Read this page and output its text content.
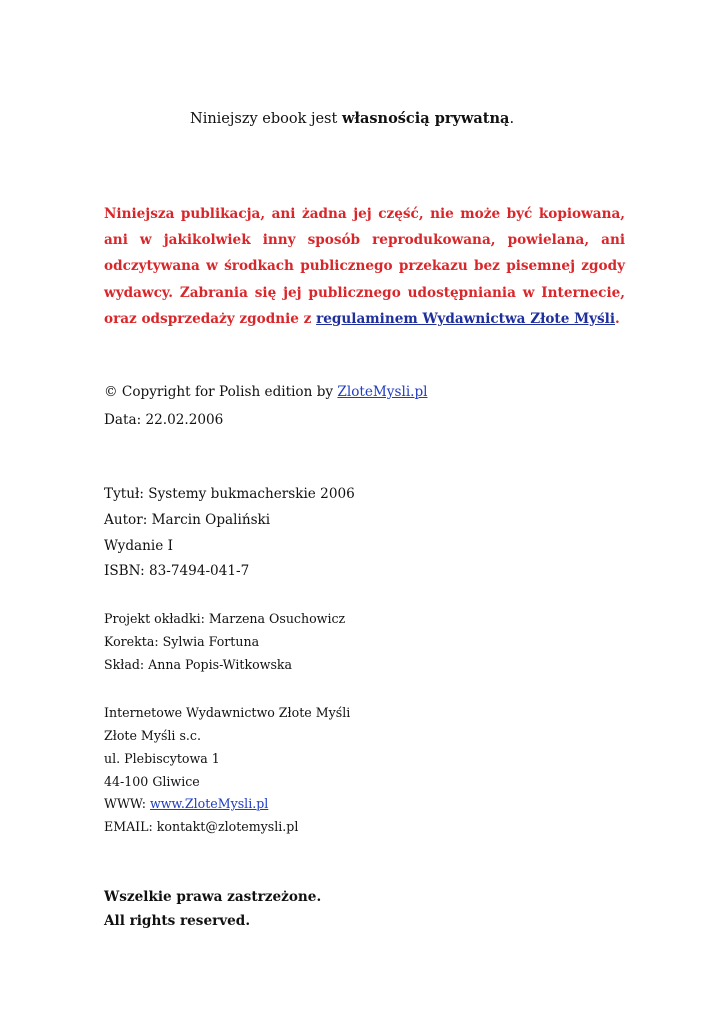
Niniejszy ebook jest własnością prywatną.
Niniejsza publikacja, ani żadna jej część, nie może być kopiowana, ani w jakikolwiek inny sposób reprodukowana, powielana, ani odczytywana w środkach publicznego przekazu bez pisemnej zgody wydawcy. Zabrania się jej publicznego udostępniania w Internecie, oraz odsprzedaży zgodnie z regulaminem Wydawnictwa Złote Myśli.
© Copyright for Polish edition by ZloteMysli.pl
Data: 22.02.2006
Tytuł: Systemy bukmacherskie 2006
Autor: Marcin Opaliński
Wydanie I
ISBN: 83-7494-041-7
Projekt okładki: Marzena Osuchowicz
Korekta: Sylwia Fortuna
Skład: Anna Popis-Witkowska
Internetowe Wydawnictwo Złote Myśli
Złote Myśli s.c.
ul. Plebiscytowa 1
44-100 Gliwice
WWW: www.ZloteMysli.pl
EMAIL: kontakt@zlotemysli.pl
Wszelkie prawa zastrzeżone.
All rights reserved.
